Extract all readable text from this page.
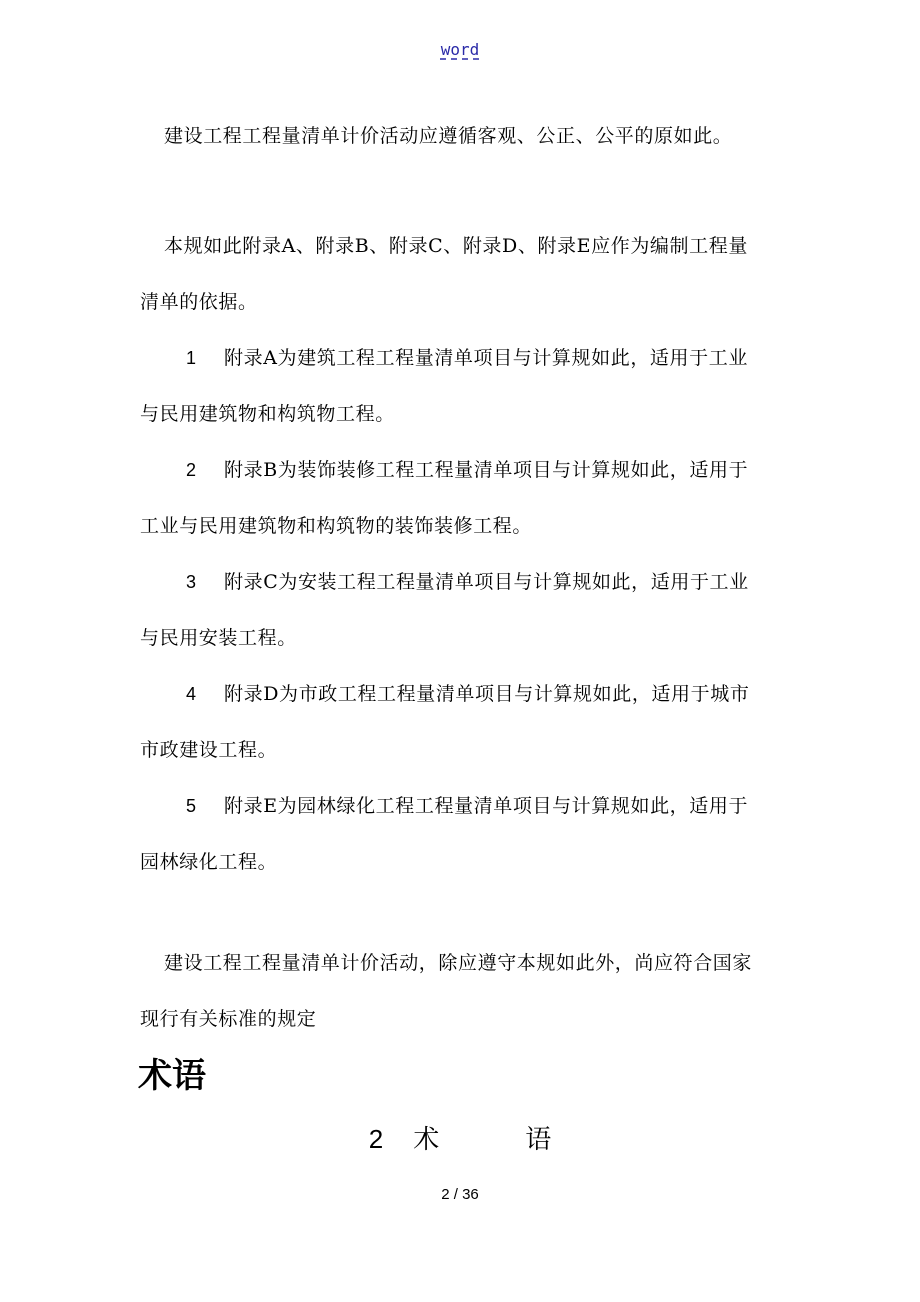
word
建设工程工程量清单计价活动应遵循客观、公正、公平的原如此。
本规如此附录A、附录B、附录C、附录D、附录E应作为编制工程量
清单的依据。
1 附录A为建筑工程工程量清单项目与计算规如此，适用于工业
与民用建筑物和构筑物工程。
2 附录B为装饰装修工程工程量清单项目与计算规如此，适用于
工业与民用建筑物和构筑物的装饰装修工程。
3 附录C为安装工程工程量清单项目与计算规如此，适用于工业
与民用安装工程。
4 附录D为市政工程工程量清单项目与计算规如此，适用于城市
市政建设工程。
5 附录E为园林绿化工程工程量清单项目与计算规如此，适用于
园林绿化工程。
建设工程工程量清单计价活动，除应遵守本规如此外，尚应符合国家
现行有关标准的规定
术语
2 术	语
2 / 36
